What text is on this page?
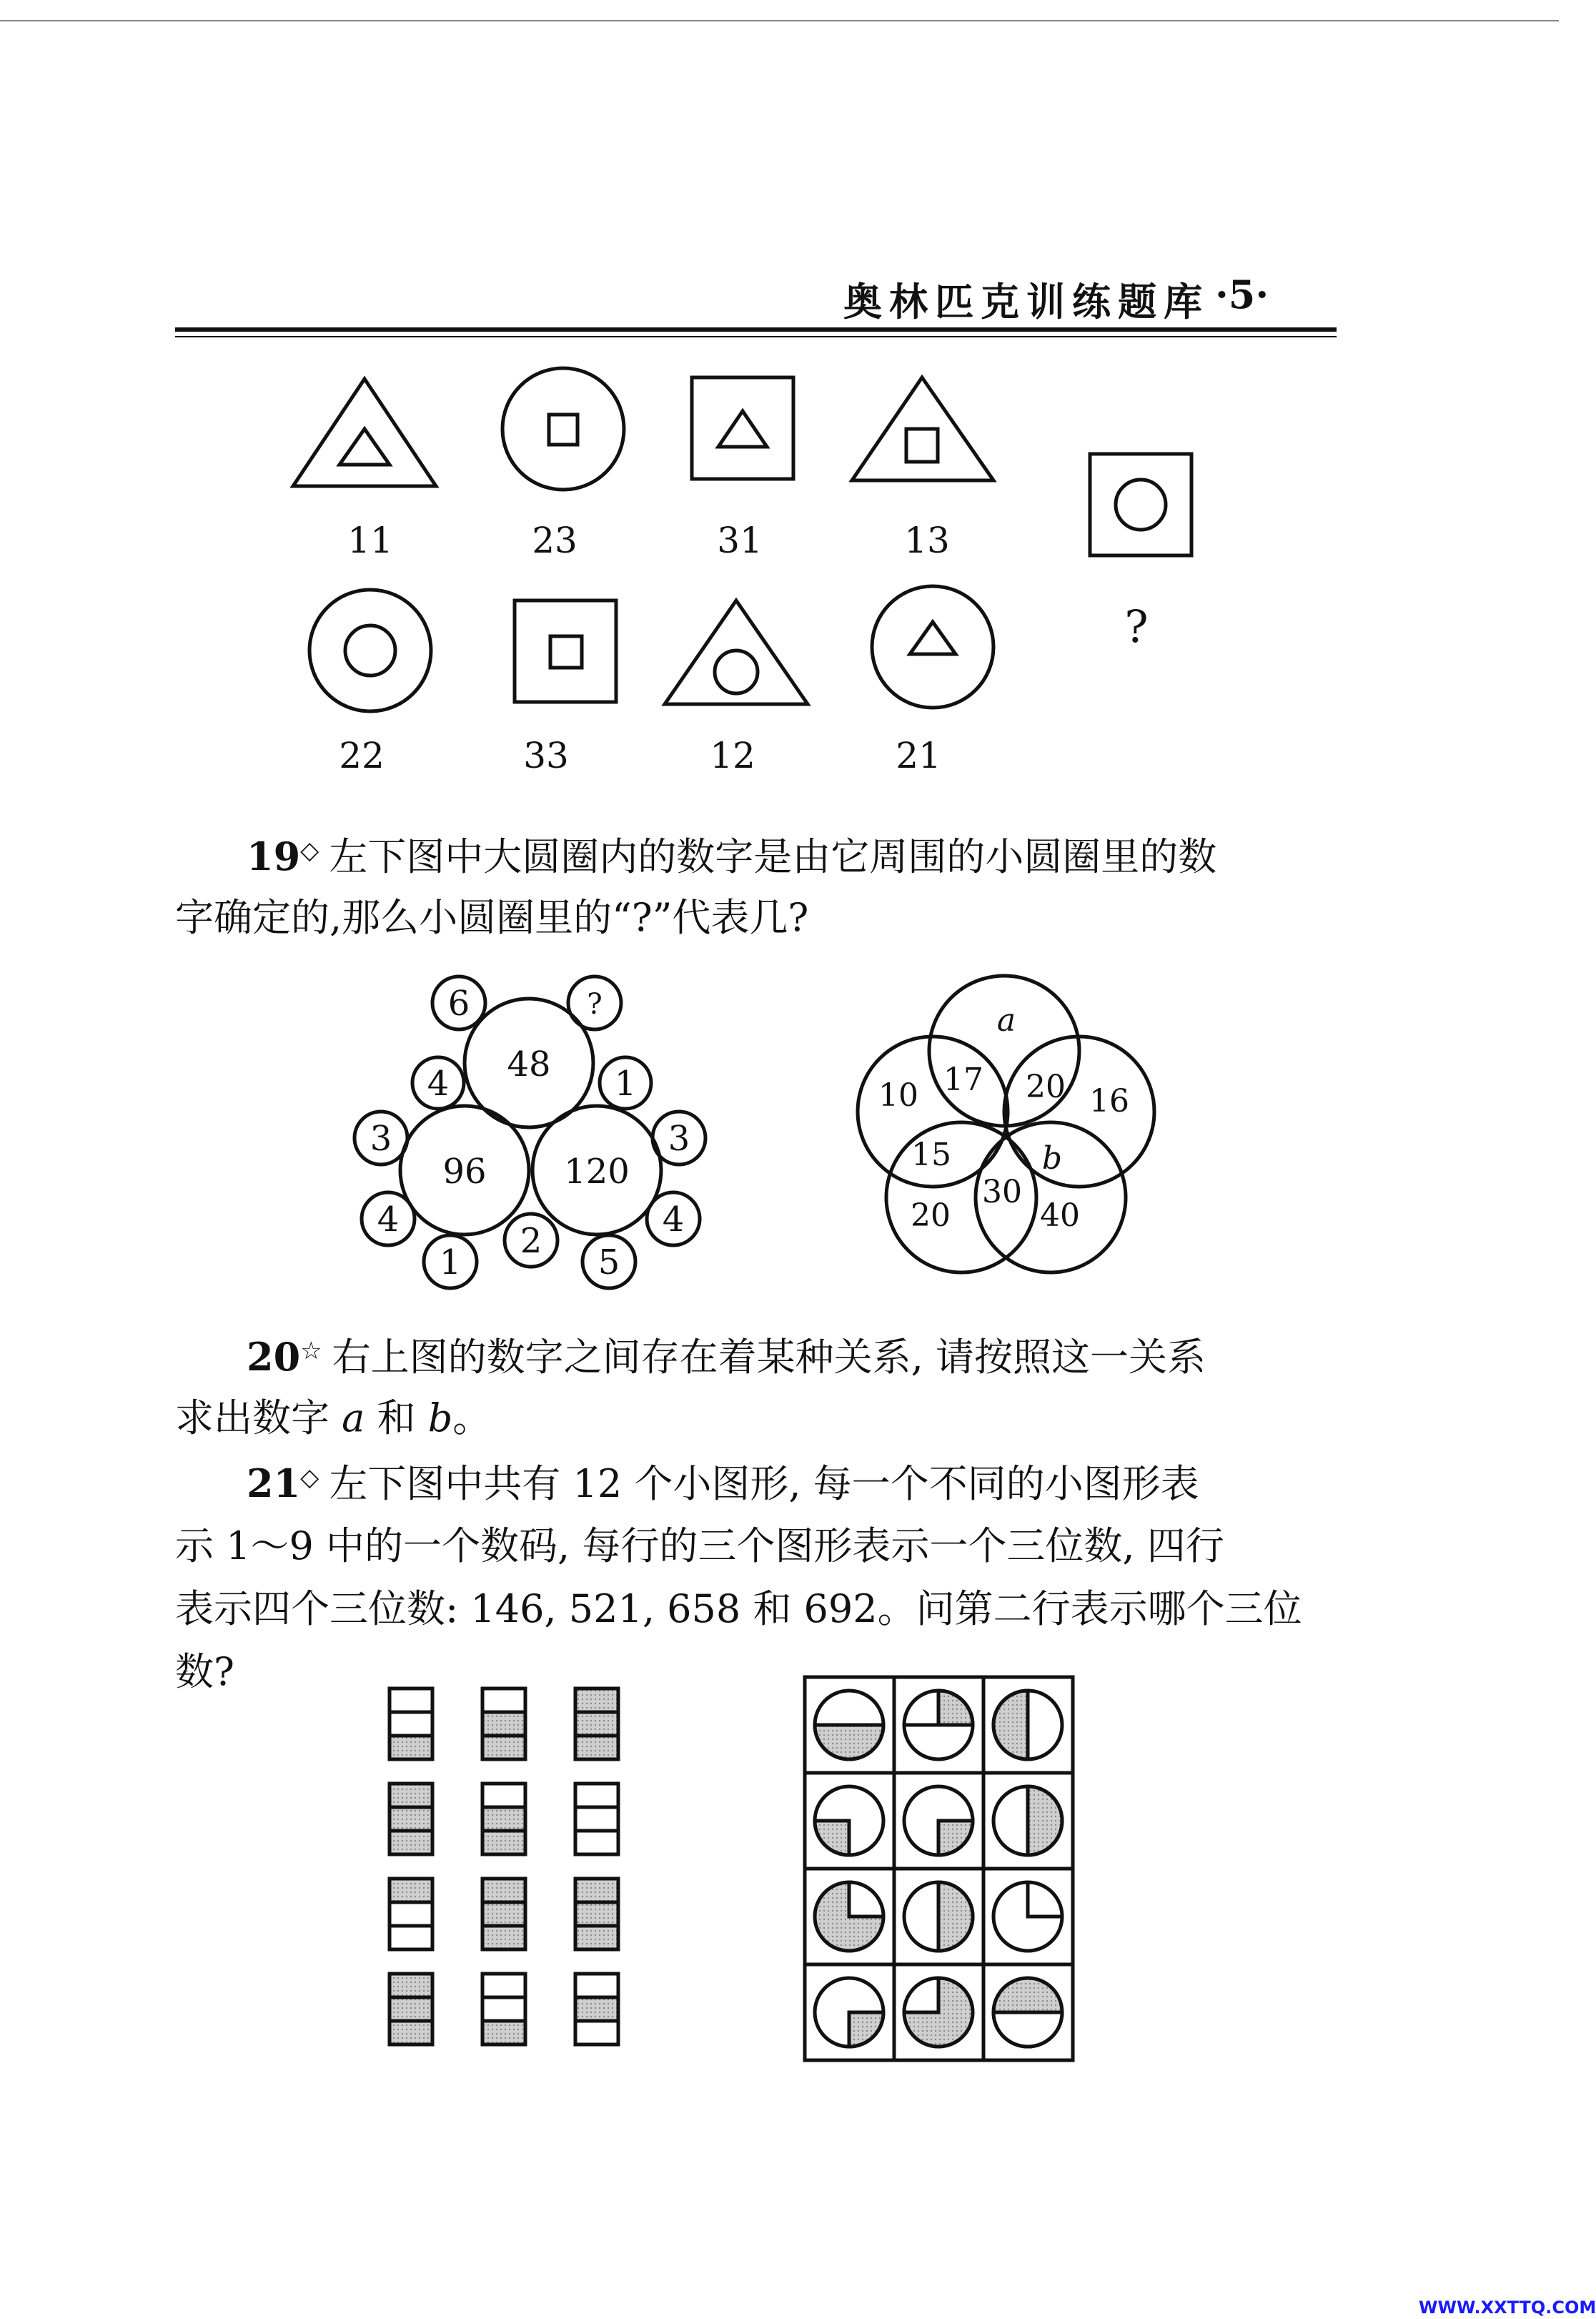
奥林匹克训练题库 ·5·
11	23	31	13
?
22	33	12	21
19◇ 左下图中大圆圈内的数字是由它周围的小圆圈里的数
字确定的,那么小圆圈里的“?”代表几?
48
96 120
6	?
4	1
3	3
4
2
4
1	5
a
10 17 20 16
15	b
30
20	40
20☆ 右上图的数字之间存在着某种关系, 请按照这一关系
求出数字 a 和 b。
21◇ 左下图中共有 12 个小图形, 每一个不同的小图形表
示 1～9 中的一个数码, 每行的三个图形表示一个三位数, 四行
表示四个三位数: 146, 521, 658 和 692。问第二行表示哪个三位
数?
WWW.XXTTQ.COM
